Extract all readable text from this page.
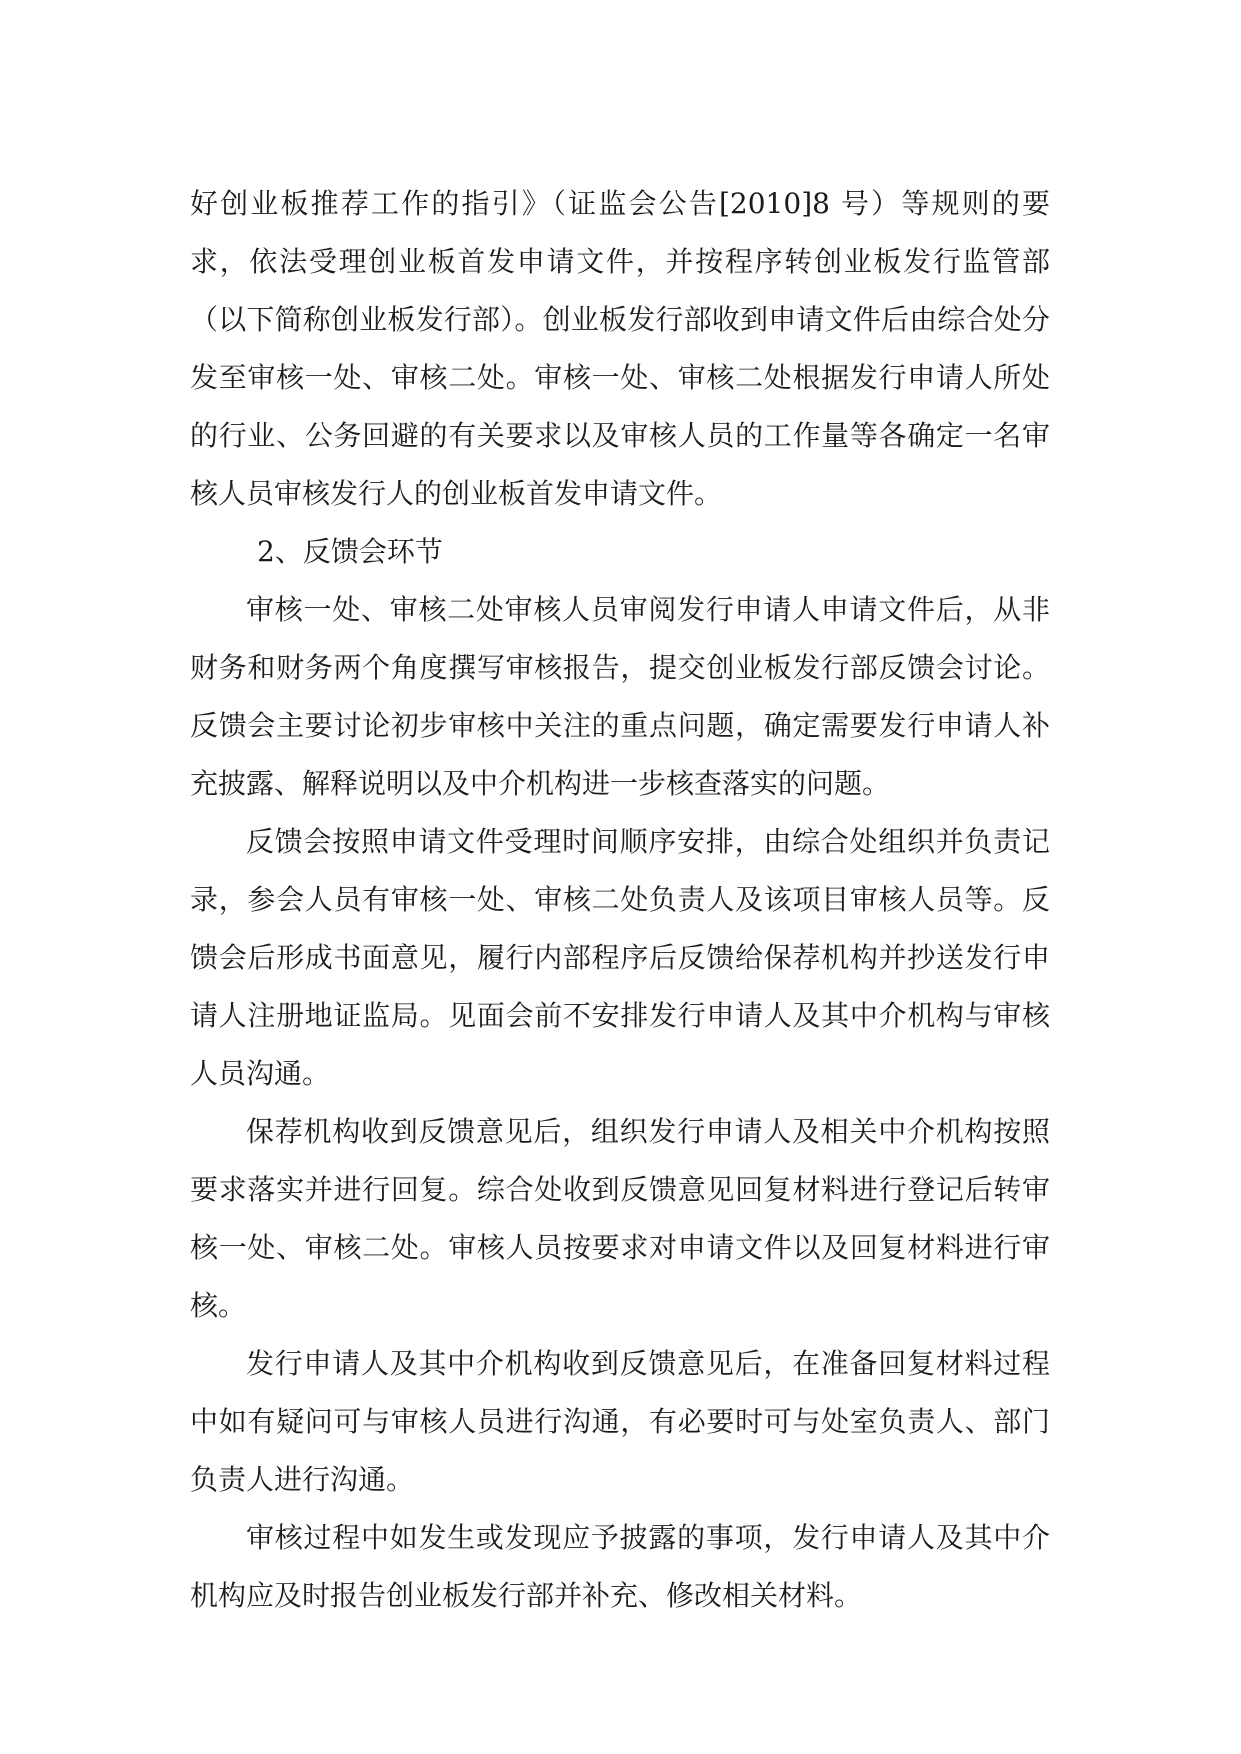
好创业板推荐工作的指引》（证监会公告[2010]8 号）等规则的要求，依法受理创业板首发申请文件，并按程序转创业板发行监管部（以下简称创业板发行部）。创业板发行部收到申请文件后由综合处分发至审核一处、审核二处。审核一处、审核二处根据发行申请人所处的行业、公务回避的有关要求以及审核人员的工作量等各确定一名审核人员审核发行人的创业板首发申请文件。

2、反馈会环节

审核一处、审核二处审核人员审阅发行申请人申请文件后，从非财务和财务两个角度撰写审核报告，提交创业板发行部反馈会讨论。反馈会主要讨论初步审核中关注的重点问题，确定需要发行申请人补充披露、解释说明以及中介机构进一步核查落实的问题。

反馈会按照申请文件受理时间顺序安排，由综合处组织并负责记录，参会人员有审核一处、审核二处负责人及该项目审核人员等。反馈会后形成书面意见，履行内部程序后反馈给保荐机构并抄送发行申请人注册地证监局。见面会前不安排发行申请人及其中介机构与审核人员沟通。

保荐机构收到反馈意见后，组织发行申请人及相关中介机构按照要求落实并进行回复。综合处收到反馈意见回复材料进行登记后转审核一处、审核二处。审核人员按要求对申请文件以及回复材料进行审核。

发行申请人及其中介机构收到反馈意见后，在准备回复材料过程中如有疑问可与审核人员进行沟通，有必要时可与处室负责人、部门负责人进行沟通。

审核过程中如发生或发现应予披露的事项，发行申请人及其中介机构应及时报告创业板发行部并补充、修改相关材料。
